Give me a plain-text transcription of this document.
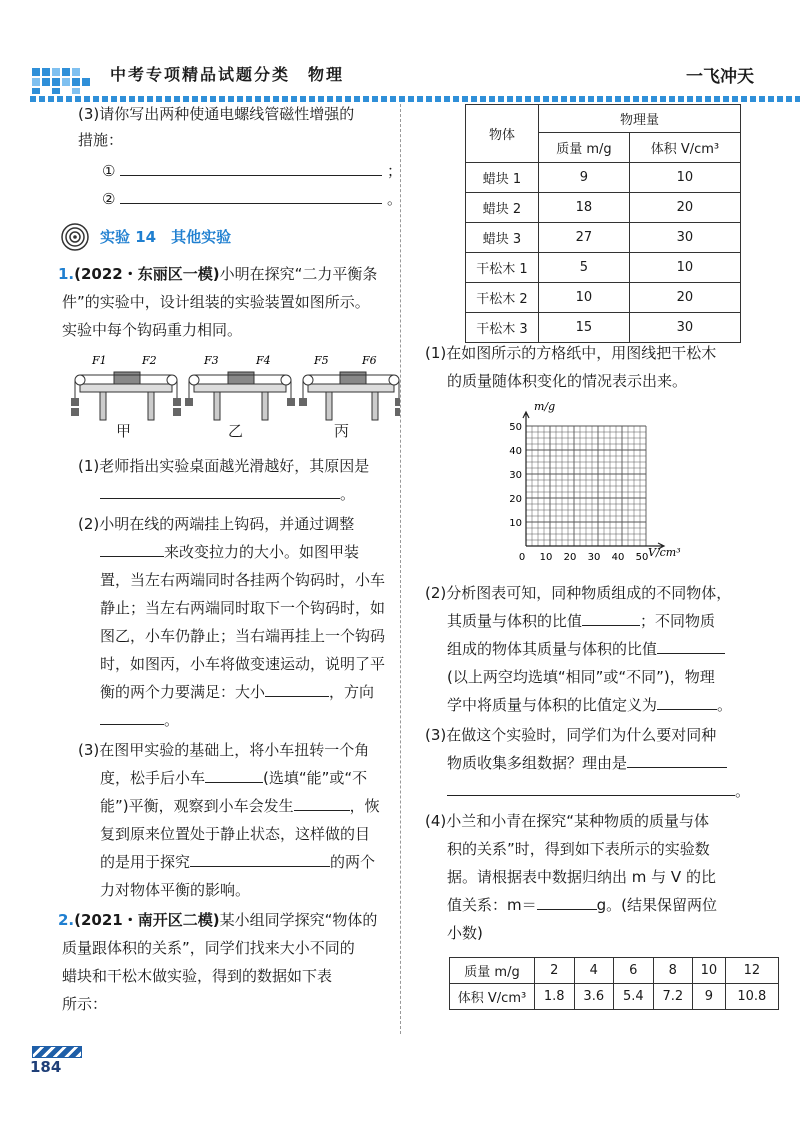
中考专项精品试题分类　物理	一飞冲天
(3)请你写出两种使通电螺线管磁性增强的
措施：
①	；
②	。
实验 14　其他实验
1.(2022・东丽区一模)小明在探究“二力平衡条
件”的实验中，设计组装的实验装置如图所示。
实验中每个钩码重力相同。
F1	F2	F3	F4	F5	F6
甲	乙	丙
(1)老师指出实验桌面越光滑越好，其原因是
。
(2)小明在线的两端挂上钩码，并通过调整
来改变拉力的大小。如图甲装
置，当左右两端同时各挂两个钩码时，小车
静止；当左右两端同时取下一个钩码时，如
图乙，小车仍静止；当右端再挂上一个钩码
时，如图丙，小车将做变速运动，说明了平
衡的两个力要满足：大小	，方向
。
(3)在图甲实验的基础上，将小车扭转一个角
度，松手后小车	(选填“能”或“不
能”)平衡，观察到小车会发生	，恢
复到原来位置处于静止状态，这样做的目
的是用于探究	的两个
力对物体平衡的影响。
2.(2021・南开区二模)某小组同学探究“物体的
质量跟体积的关系”，同学们找来大小不同的
蜡块和干松木做实验，得到的数据如下表
所示：
物体	物理量	
	质量 m/g	体积 V/cm³
蜡块 1	9	10
蜡块 2	18	20
蜡块 3	27	30
干松木 1	5	10
干松木 2	10	20
干松木 3	15	30
(1)在如图所示的方格纸中，用图线把干松木
的质量随体积变化的情况表示出来。
0 10 20 30 40 50
10
20
30
40
50
m/g
V/cm³
(2)分析图表可知，同种物质组成的不同物体，
其质量与体积的比值	；不同物质
组成的物体其质量与体积的比值
(以上两空均选填“相同”或“不同”)，物理
学中将质量与体积的比值定义为	。
(3)在做这个实验时，同学们为什么要对同种
物质收集多组数据？理由是
。
(4)小兰和小青在探究“某种物质的质量与体
积的关系”时，得到如下表所示的实验数
据。请根据表中数据归纳出 m 与 V 的比
值关系：m＝	g。(结果保留两位
小数)
质量 m/g	2	4	6	8	10	12
体积 V/cm³	1.8	3.6	5.4	7.2	9	10.8
184
